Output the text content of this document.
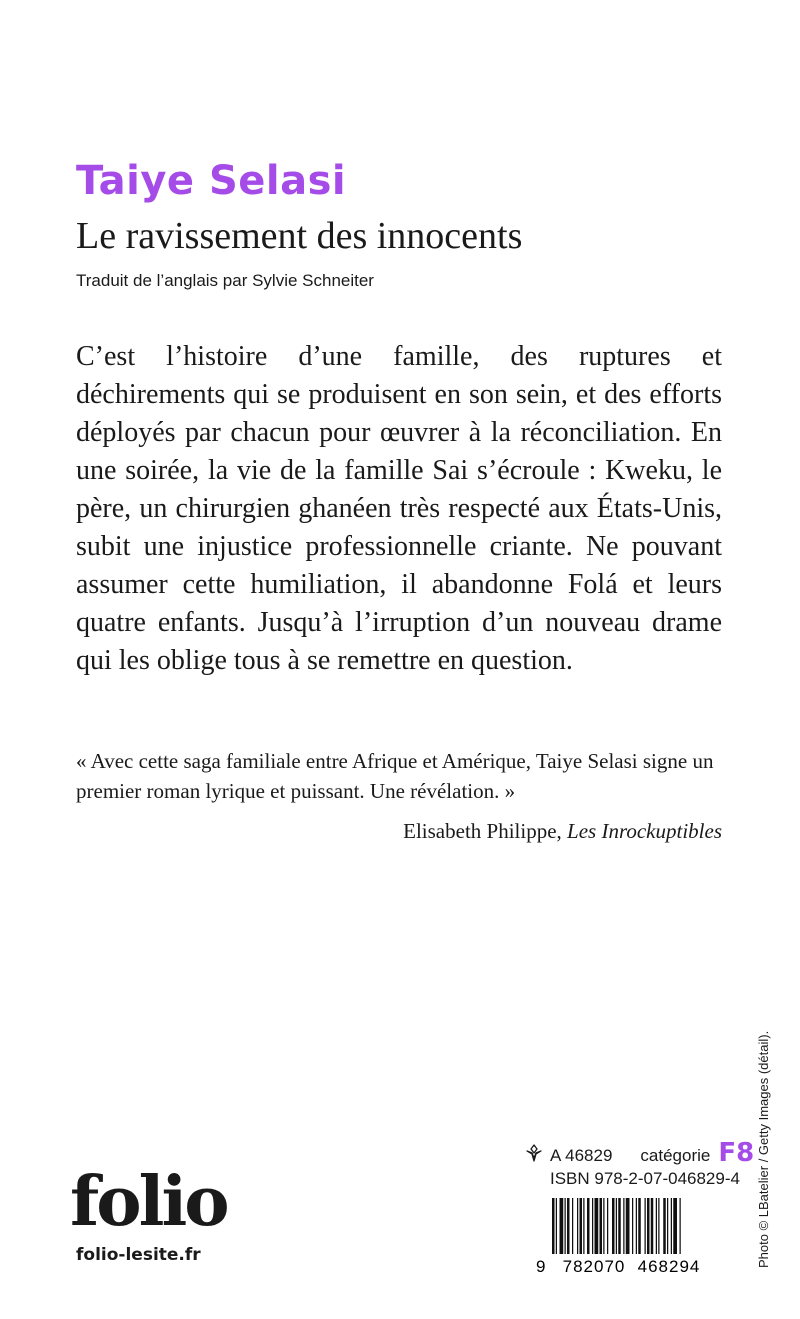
Taiye Selasi
Le ravissement des innocents
Traduit de l’anglais par Sylvie Schneiter

C’est l’histoire d’une famille, des ruptures et déchirements qui se produisent en son sein, et des efforts déployés par chacun pour œuvrer à la réconciliation. En une soirée, la vie de la famille Sai s’écroule : Kweku, le père, un chirurgien ghanéen très respecté aux États-Unis, subit une injustice professionnelle criante. Ne pouvant assumer cette humiliation, il abandonne Folá et leurs quatre enfants. Jusqu’à l’irruption d’un nouveau drame qui les oblige tous à se remettre en question.

« Avec cette saga familiale entre Afrique et Amérique, Taiye Selasi signe un premier roman lyrique et puissant. Une révélation. »

Elisabeth Philippe, Les Inrockuptibles
Photo © LBatelier / Getty Images (détail).
folio
folio-lesite.fr
A 46829 catégorie F8
ISBN 978-2-07-046829-4
9 782070 468294
